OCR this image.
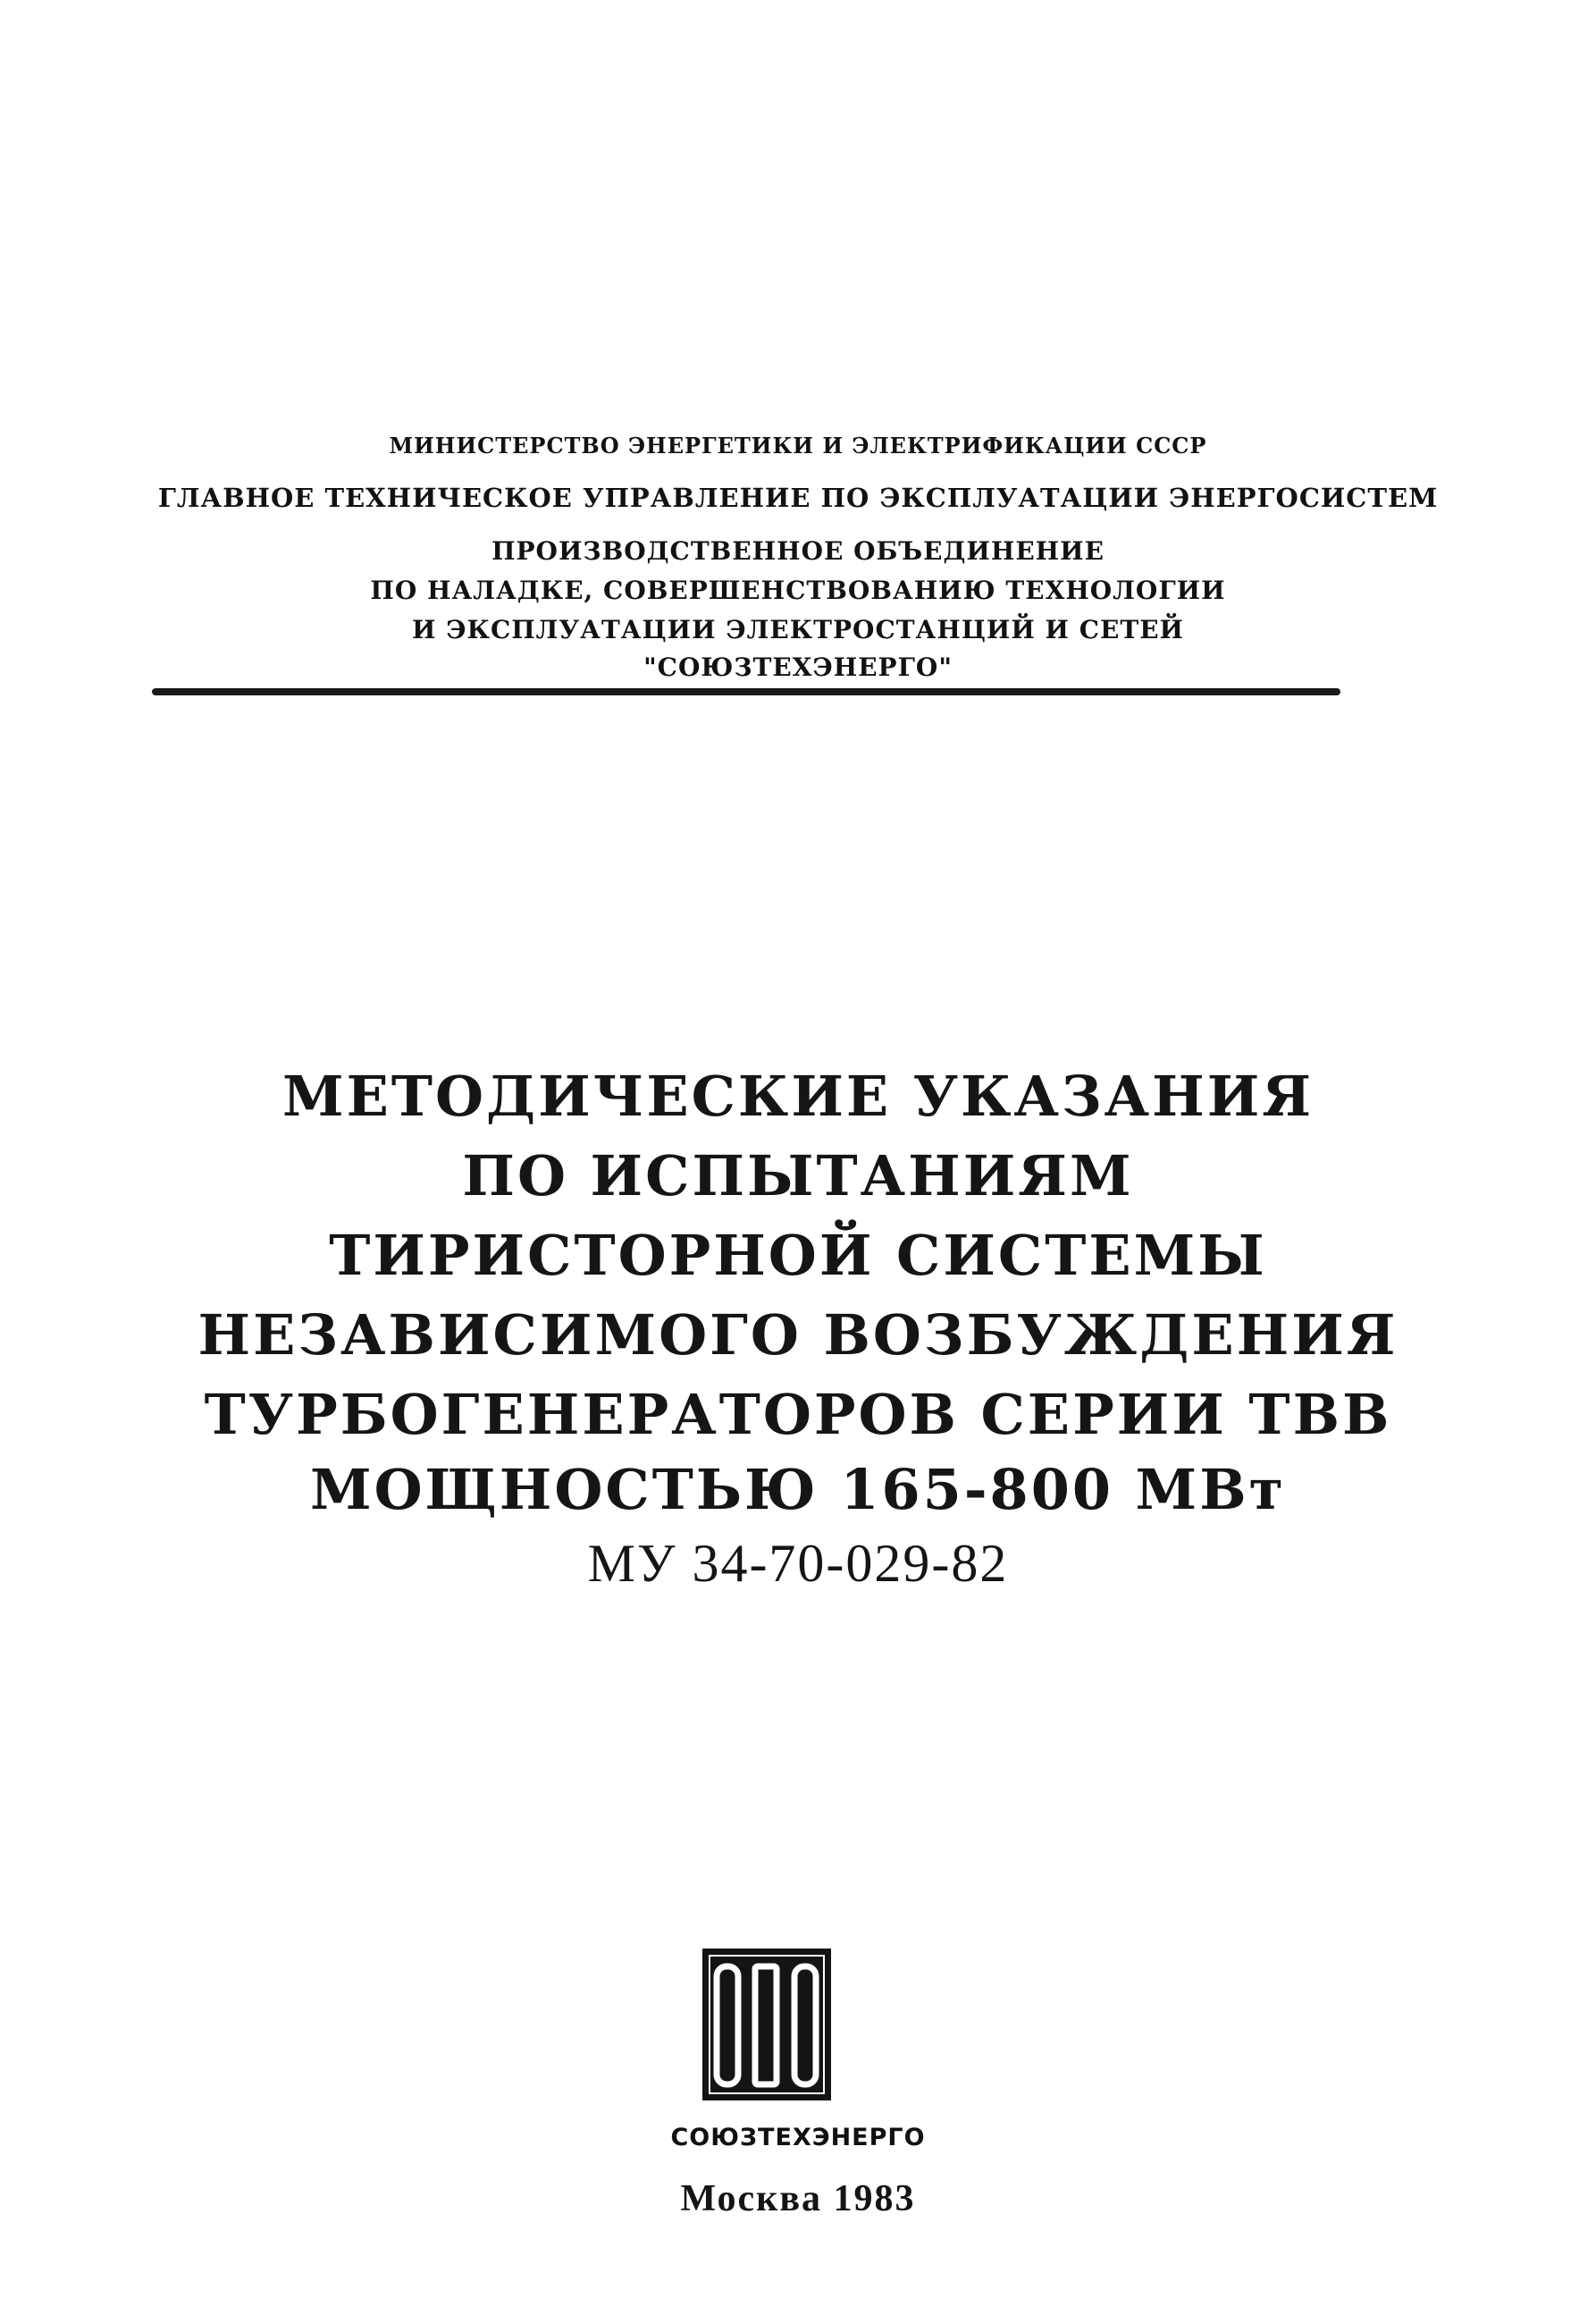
МИНИСТЕРСТВО ЭНЕРГЕТИКИ И ЭЛЕКТРИФИКАЦИИ СССР
ГЛАВНОЕ ТЕХНИЧЕСКОЕ УПРАВЛЕНИЕ ПО ЭКСПЛУАТАЦИИ ЭНЕРГОСИСТЕМ
ПРОИЗВОДСТВЕННОЕ ОБЪЕДИНЕНИЕ
ПО НАЛАДКЕ, СОВЕРШЕНСТВОВАНИЮ ТЕХНОЛОГИИ
И ЭКСПЛУАТАЦИИ ЭЛЕКТРОСТАНЦИЙ И СЕТЕЙ
"СОЮЗТЕХЭНЕРГО"
МЕТОДИЧЕСКИЕ УКАЗАНИЯ
ПО ИСПЫТАНИЯМ
ТИРИСТОРНОЙ СИСТЕМЫ
НЕЗАВИСИМОГО ВОЗБУЖДЕНИЯ
ТУРБОГЕНЕРАТОРОВ СЕРИИ ТВВ
МОЩНОСТЬЮ 165-800 МВт
МУ 34-70-029-82
СОЮЗТЕХЭНЕРГО
Москва 1983
